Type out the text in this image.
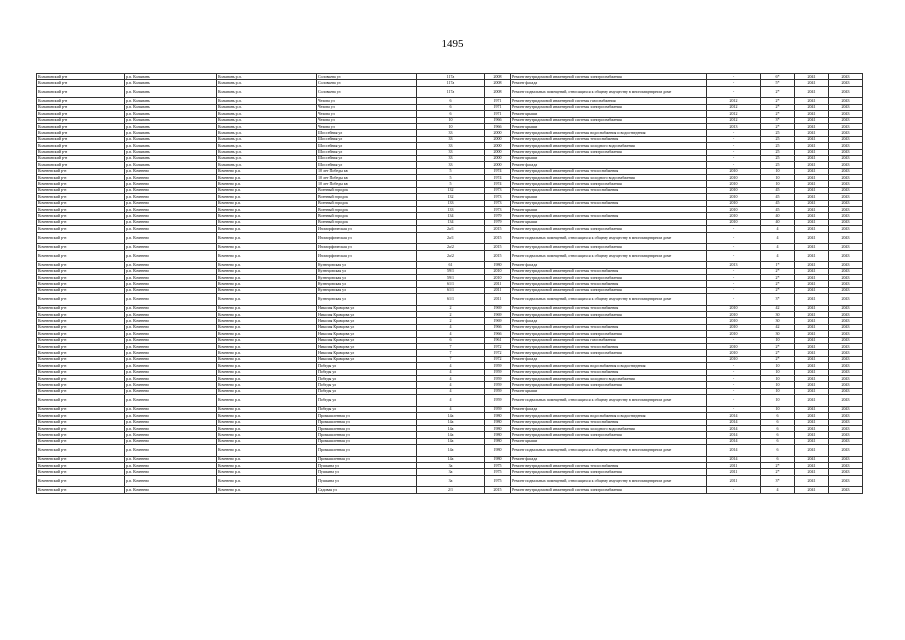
1495
Колыванский р-н	р.п. Колывань	Колывань р.п.	Соловьева ул	117а	2008	Ремонт внутридомовой инженерной системы электроснабжения	-	6*	2041	2043
Колыванский р-н	р.п. Колывань	Колывань р.п.	Соловьева ул	117а	2008	Ремонт фасада	-	5*	2041	2043
Колыванский р-н	р.п. Колывань	Колывань р.п.	Соловьева ул	117а	2008	Ремонт подвальных помещений, относящихся к общему имуществу в многоквартирном доме	-	2*	2041	2043
Колыванский р-н	р.п. Колывань	Колывань р.п.	Чехова ул	6	1971	Ремонт внутридомовой инженерной системы газоснабжения	2012	2*	2041	2043
Колыванский р-н	р.п. Колывань	Колывань р.п.	Чехова ул	6	1971	Ремонт внутридомовой инженерной системы электроснабжения	2012	2*	2041	2043
Колыванский р-н	р.п. Колывань	Колывань р.п.	Чехова ул	6	1971	Ремонт крыши	2012	2*	2041	2043
Колыванский р-н	р.п. Колывань	Колывань р.п.	Чехова ул	10	1966	Ремонт внутридомовой инженерной системы электроснабжения	2012	3*	2041	2043
Колыванский р-н	р.п. Колывань	Колывань р.п.	Чехова ул	10	1966	Ремонт крыши	2013	2*	2041	2043
Колыванский р-н	р.п. Колывань	Колывань р.п.	Шоссейная ул	33	2000	Ремонт внутридомовой инженерной системы водоснабжения и водоотведения	-	25	2041	2043
Колыванский р-н	р.п. Колывань	Колывань р.п.	Шоссейная ул	33	2000	Ремонт внутридомовой инженерной системы теплоснабжения	-	25	2041	2043
Колыванский р-н	р.п. Колывань	Колывань р.п.	Шоссейная ул	33	2000	Ремонт внутридомовой инженерной системы холодного водоснабжения	-	25	2041	2043
Колыванский р-н	р.п. Колывань	Колывань р.п.	Шоссейная ул	33	2000	Ремонт внутридомовой инженерной системы электроснабжения	-	25	2041	2043
Колыванский р-н	р.п. Колывань	Колывань р.п.	Шоссейная ул	33	2000	Ремонт крыши	-	25	2041	2043
Колыванский р-н	р.п. Колывань	Колывань р.п.	Шоссейная ул	33	2000	Ремонт фасада	-	25	2041	2043
Коченевский р-н	р.п. Коченево	Коченево р.п.	10 лет Победы кв	5	1974	Ремонт внутридомовой инженерной системы теплоснабжения	2010	10	2041	2043
Коченевский р-н	р.п. Коченево	Коченево р.п.	10 лет Победы кв	5	1974	Ремонт внутридомовой инженерной системы холодного водоснабжения	2010	10	2041	2043
Коченевский р-н	р.п. Коченево	Коченево р.п.	10 лет Победы кв	5	1974	Ремонт внутридомовой инженерной системы электроснабжения	2010	10	2041	2043
Коченевский р-н	р.п. Коченево	Коченево р.п.	Военный городок	132	1973	Ремонт внутридомовой инженерной системы теплоснабжения	2010	45	2041	2043
Коченевский р-н	р.п. Коченево	Коченево р.п.	Военный городок	132	1973	Ремонт крыши	2010	45	2041	2043
Коченевский р-н	р.п. Коченево	Коченево р.п.	Военный городок	133	1973	Ремонт внутридомовой инженерной системы теплоснабжения	2010	45	2041	2043
Коченевский р-н	р.п. Коченево	Коченево р.п.	Военный городок	133	1973	Ремонт крыши	2010	45	2041	2043
Коченевский р-н	р.п. Коченево	Коченево р.п.	Военный городок	134	1979	Ремонт внутридомовой инженерной системы теплоснабжения	2010	40	2041	2043
Коченевский р-н	р.п. Коченево	Коченево р.п.	Военный городок	134	1979	Ремонт крыши	2010	40	2041	2043
Коченевский р-н	р.п. Коченево	Коченево р.п.	Изоморфическая ул	2а/1	2015	Ремонт внутридомовой инженерной системы электроснабжения	-	4	2041	2043
Коченевский р-н	р.п. Коченево	Коченево р.п.	Изоморфическая ул	2а/1	2015	Ремонт подвальных помещений, относящихся к общему имуществу в многоквартирном доме	-	4	2041	2043
Коченевский р-н	р.п. Коченево	Коченево р.п.	Изоморфическая ул	2а/2	2015	Ремонт внутридомовой инженерной системы электроснабжения	-	4	2041	2043
Коченевский р-н	р.п. Коченево	Коченево р.п.	Изоморфическая ул	2а/2	2015	Ремонт подвальных помещений, относящихся к общему имуществу в многоквартирном доме	-	4	2041	2043
Коченевский р-н	р.п. Коченево	Коченево р.п.	Кузнецовская ул	61	1980	Ремонт фасада	2013	1*	2041	2043
Коченевский р-н	р.п. Коченево	Коченево р.п.	Кузнецовская ул	59/1	2010	Ремонт внутридомовой инженерной системы теплоснабжения	-	2*	2041	2043
Коченевский р-н	р.п. Коченево	Коченево р.п.	Кузнецовская ул	59/1	2010	Ремонт внутридомовой инженерной системы электроснабжения	-	2*	2041	2043
Коченевский р-н	р.п. Коченево	Коченево р.п.	Кузнецовская ул	61/1	2011	Ремонт внутридомовой инженерной системы теплоснабжения	-	2*	2041	2043
Коченевский р-н	р.п. Коченево	Коченево р.п.	Кузнецовская ул	61/1	2011	Ремонт внутридомовой инженерной системы электроснабжения	-	2*	2041	2043
Коченевский р-н	р.п. Коченево	Коченево р.п.	Кузнецовская ул	61/1	2011	Ремонт подвальных помещений, относящихся к общему имуществу в многоквартирном доме	-	3*	2041	2043
Коченевский р-н	р.п. Коченево	Коченево р.п.	Николая Кравцова ул	2	1969	Ремонт внутридомовой инженерной системы теплоснабжения	2010	42	2041	2043
Коченевский р-н	р.п. Коченево	Коченево р.п.	Николая Кравцова ул	2	1969	Ремонт внутридомовой инженерной системы электроснабжения	2010	30	2041	2043
Коченевский р-н	р.п. Коченево	Коченево р.п.	Николая Кравцова ул	2	1969	Ремонт фасада	2010	30	2041	2043
Коченевский р-н	р.п. Коченево	Коченево р.п.	Николая Кравцова ул	4	1966	Ремонт внутридомовой инженерной системы теплоснабжения	2010	42	2041	2043
Коченевский р-н	р.п. Коченево	Коченево р.п.	Николая Кравцова ул	4	1966	Ремонт внутридомовой инженерной системы электроснабжения	2010	30	2041	2043
Коченевский р-н	р.п. Коченево	Коченево р.п.	Николая Кравцова ул	6	1961	Ремонт внутридомовой инженерной системы газоснабжения	-	10	2041	2043
Коченевский р-н	р.п. Коченево	Коченево р.п.	Николая Кравцова ул	7	1972	Ремонт внутридомовой инженерной системы теплоснабжения	2010	2*	2041	2043
Коченевский р-н	р.п. Коченево	Коченево р.п.	Николая Кравцова ул	7	1972	Ремонт внутридомовой инженерной системы электроснабжения	2010	2*	2041	2043
Коченевский р-н	р.п. Коченево	Коченево р.п.	Николая Кравцова ул	7	1972	Ремонт фасада	2010	2*	2041	2043
Коченевский р-н	р.п. Коченево	Коченево р.п.	Победы ул	4	1959	Ремонт внутридомовой инженерной системы водоснабжения и водоотведения	-	10	2041	2043
Коченевский р-н	р.п. Коченево	Коченево р.п.	Победы ул	4	1959	Ремонт внутридомовой инженерной системы теплоснабжения	-	10	2041	2043
Коченевский р-н	р.п. Коченево	Коченево р.п.	Победы ул	4	1959	Ремонт внутридомовой инженерной системы холодного водоснабжения	-	10	2041	2043
Коченевский р-н	р.п. Коченево	Коченево р.п.	Победы ул	4	1959	Ремонт внутридомовой инженерной системы электроснабжения	-	10	2041	2043
Коченевский р-н	р.п. Коченево	Коченево р.п.	Победы ул	4	1959	Ремонт крыши	-	10	2041	2043
Коченевский р-н	р.п. Коченево	Коченево р.п.	Победы ул	4	1959	Ремонт подвальных помещений, относящихся к общему имуществу в многоквартирном доме	-	10	2041	2043
Коченевский р-н	р.п. Коченево	Коченево р.п.	Победы ул	4	1959	Ремонт фасада	-	10	2041	2043
Коченевский р-н	р.п. Коченево	Коченево р.п.	Промышленная ул	14а	1980	Ремонт внутридомовой инженерной системы водоснабжения и водоотведения	2014	6	2041	2043
Коченевский р-н	р.п. Коченево	Коченево р.п.	Промышленная ул	14а	1980	Ремонт внутридомовой инженерной системы теплоснабжения	2014	6	2041	2043
Коченевский р-н	р.п. Коченево	Коченево р.п.	Промышленная ул	14а	1980	Ремонт внутридомовой инженерной системы холодного водоснабжения	2014	6	2041	2043
Коченевский р-н	р.п. Коченево	Коченево р.п.	Промышленная ул	14а	1980	Ремонт внутридомовой инженерной системы электроснабжения	2014	6	2041	2043
Коченевский р-н	р.п. Коченево	Коченево р.п.	Промышленная ул	14а	1980	Ремонт крыши	2014	6	2041	2043
Коченевский р-н	р.п. Коченево	Коченево р.п.	Промышленная ул	14а	1980	Ремонт подвальных помещений, относящихся к общему имуществу в многоквартирном доме	2014	6	2041	2043
Коченевский р-н	р.п. Коченево	Коченево р.п.	Промышленная ул	14а	1980	Ремонт фасада	2014	6	2041	2043
Коченевский р-н	р.п. Коченево	Коченево р.п.	Пушкина ул	3а	1975	Ремонт внутридомовой инженерной системы теплоснабжения	2011	2*	2041	2043
Коченевский р-н	р.п. Коченево	Коченево р.п.	Пушкина ул	3а	1975	Ремонт внутридомовой инженерной системы электроснабжения	2011	2*	2041	2043
Коченевский р-н	р.п. Коченево	Коченево р.п.	Пушкина ул	3а	1975	Ремонт подвальных помещений, относящихся к общему имуществу в многоквартирном доме	2011	3*	2041	2043
Коченевский р-н	р.п. Коченево	Коченево р.п.	Садовая ул	2/1	2015	Ремонт внутридомовой инженерной системы электроснабжения	-	4	2041	2043
